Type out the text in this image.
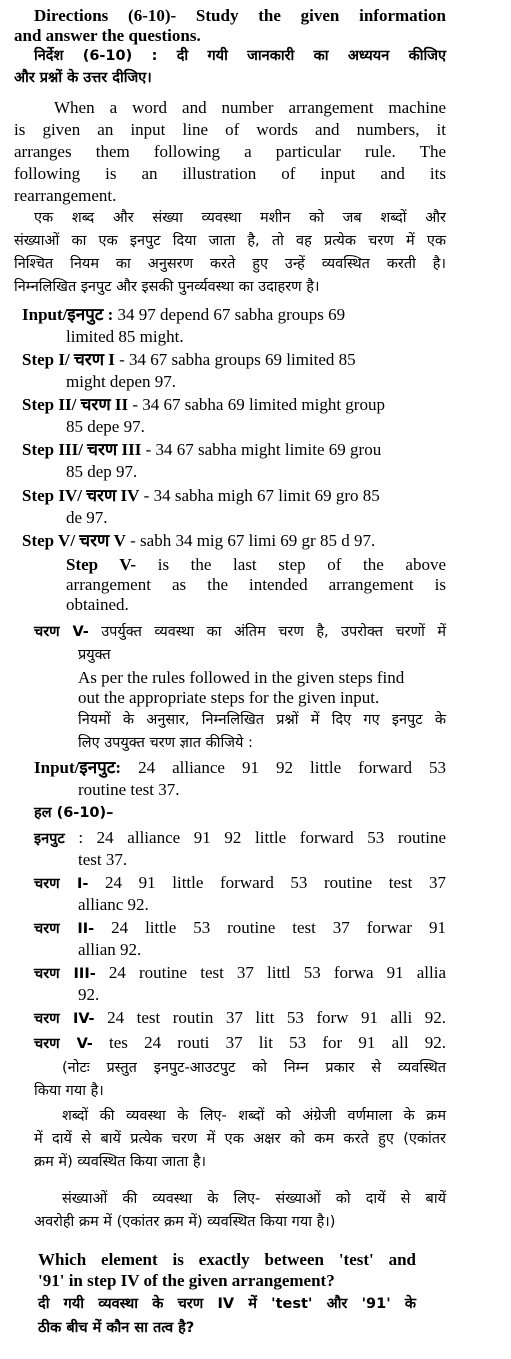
Directions (6-10)- Study the given information
and answer the questions.
निर्देश (6-10) : दी गयी जानकारी का अध्ययन कीजिए
और प्रश्नों के उत्तर दीजिए।
When a word and number arrangement machine
is given an input line of words and numbers, it
arranges them following a particular rule. The
following is an illustration of input and its
rearrangement.
एक शब्द और संख्या व्यवस्था मशीन को जब शब्दों और
संख्याओं का एक इनपुट दिया जाता है, तो वह प्रत्येक चरण में एक
निश्चित नियम का अनुसरण करते हुए उन्हें व्यवस्थित करती है।
निम्नलिखित इनपुट और इसकी पुनर्व्यवस्था का उदाहरण है।
Input/इनपुट : 34 97 depend 67 sabha groups 69
limited 85 might.
Step I/ चरण I - 34 67 sabha groups 69 limited 85
might depen 97.
Step II/ चरण II - 34 67 sabha 69 limited might group
85 depe 97.
Step III/ चरण III - 34 67 sabha might limite 69 grou
85 dep 97.
Step IV/ चरण IV - 34 sabha migh 67 limit 69 gro 85
de 97.
Step V/ चरण V - sabh 34 mig 67 limi 69 gr 85 d 97.
Step V- is the last step of the above
arrangement as the intended arrangement is
obtained.
चरण V- उपर्युक्त व्यवस्था का अंतिम चरण है, उपरोक्त चरणों में
प्रयुक्त
As per the rules followed in the given steps find
out the appropriate steps for the given input.
नियमों के अनुसार, निम्नलिखित प्रश्नों में दिए गए इनपुट के
लिए उपयुक्त चरण ज्ञात कीजिये :
Input/इनपुट: 24 alliance 91 92 little forward 53
routine test 37.
हल (6-10)–
इनपुट : 24 alliance 91 92 little forward 53 routine
test 37.
चरण I- 24 91 little forward 53 routine test 37
allianc 92.
चरण II- 24 little 53 routine test 37 forwar 91
allian 92.
चरण III- 24 routine test 37 littl 53 forwa 91 allia
92.
चरण IV- 24 test routin 37 litt 53 forw 91 alli 92.
चरण V- tes 24 routi 37 lit 53 for 91 all 92.
(नोटः प्रस्तुत इनपुट-आउटपुट को निम्न प्रकार से व्यवस्थित
किया गया है।
शब्दों की व्यवस्था के लिए- शब्दों को अंग्रेजी वर्णमाला के क्रम
में दायें से बायें प्रत्येक चरण में एक अक्षर को कम करते हुए (एकांतर
क्रम में) व्यवस्थित किया जाता है।
संख्याओं की व्यवस्था के लिए- संख्याओं को दायें से बायें
अवरोही क्रम में (एकांतर क्रम में) व्यवस्थित किया गया है।)
Which element is exactly between 'test' and
'91' in step IV of the given arrangement?
दी गयी व्यवस्था के चरण IV में 'test' और '91' के
ठीक बीच में कौन सा तत्व है?
